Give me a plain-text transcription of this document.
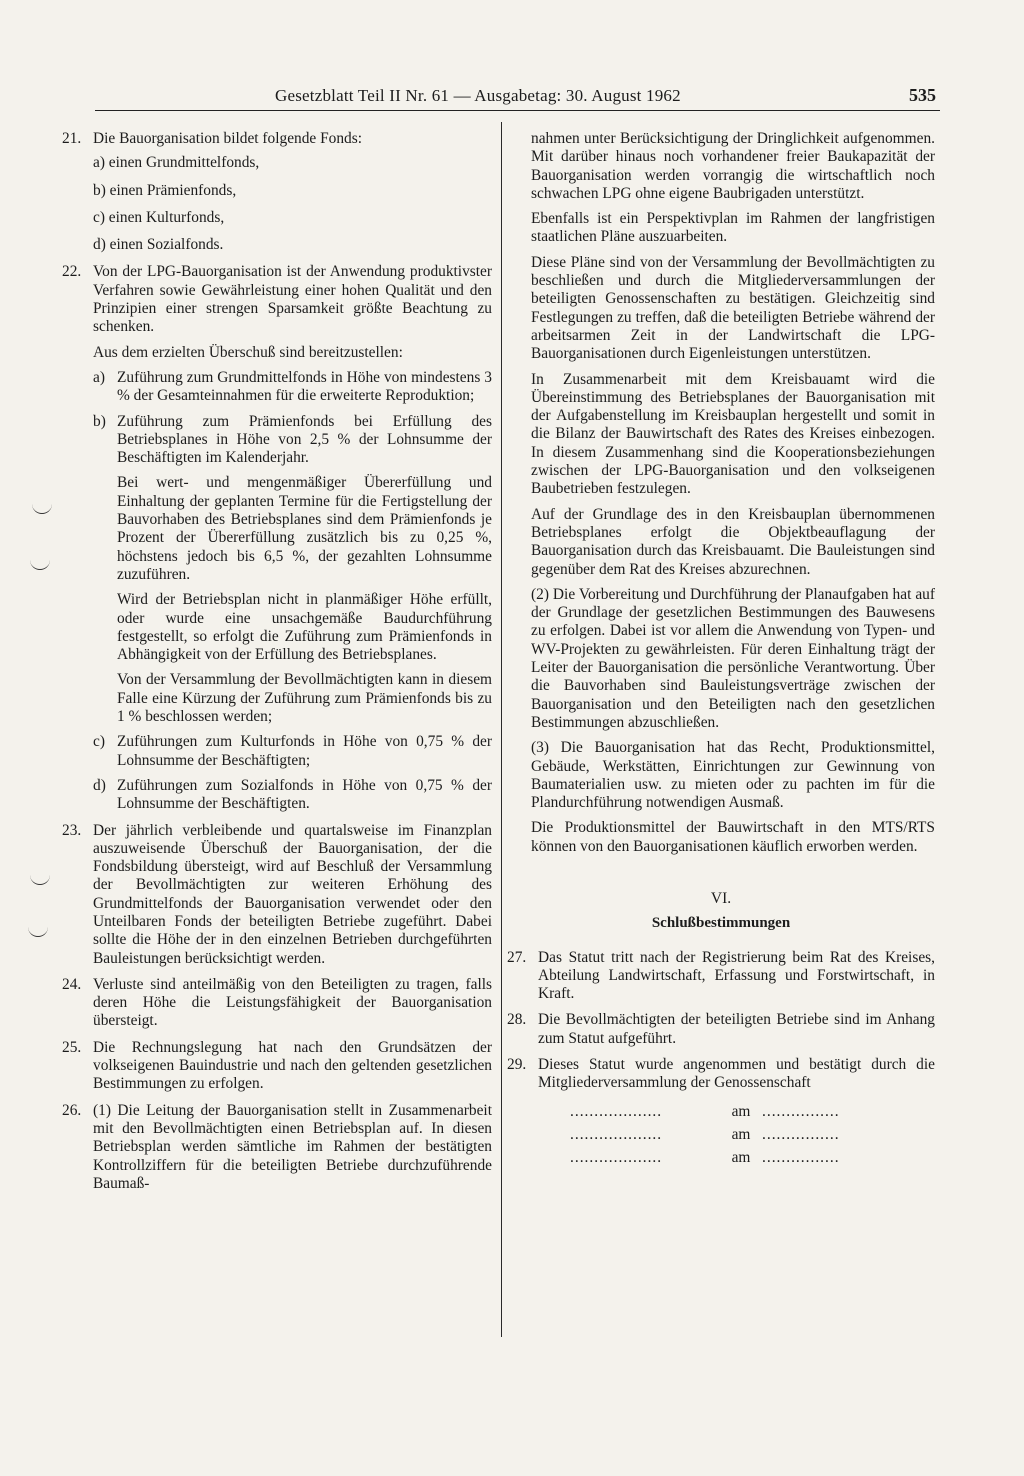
Gesetzblatt Teil II Nr. 61 — Ausgabetag: 30. August 1962	535
21. Die Bauorganisation bildet folgende Fonds:
a) einen Grundmittelfonds,
b) einen Prämienfonds,
c) einen Kulturfonds,
d) einen Sozialfonds.
22. Von der LPG-Bauorganisation ist der Anwendung produktivster Verfahren sowie Gewährleistung einer hohen Qualität und den Prinzipien einer strengen Sparsamkeit größte Beachtung zu schenken.

Aus dem erzielten Überschuß sind bereitzustellen:

a) Zuführung zum Grundmittelfonds in Höhe von mindestens 3 % der Gesamteinnahmen für die erweiterte Reproduktion;
b) Zuführung zum Prämienfonds bei Erfüllung des Betriebsplanes in Höhe von 2,5 % der Lohnsumme der Beschäftigten im Kalenderjahr.

Bei wert- und mengenmäßiger Übererfüllung und Einhaltung der geplanten Termine für die Fertigstellung der Bauvorhaben des Betriebsplanes sind dem Prämienfonds je Prozent der Übererfüllung zusätzlich bis zu 0,25 %, höchstens jedoch bis 6,5 %, der gezahlten Lohnsumme zuzuführen.

Wird der Betriebsplan nicht in planmäßiger Höhe erfüllt, oder wurde eine unsachgemäße Baudurchführung festgestellt, so erfolgt die Zuführung zum Prämienfonds in Abhängigkeit von der Erfüllung des Betriebsplanes.

Von der Versammlung der Bevollmächtigten kann in diesem Falle eine Kürzung der Zuführung zum Prämienfonds bis zu 1 % beschlossen werden;

c) Zuführungen zum Kulturfonds in Höhe von 0,75 % der Lohnsumme der Beschäftigten;
d) Zuführungen zum Sozialfonds in Höhe von 0,75 % der Lohnsumme der Beschäftigten.
23. Der jährlich verbleibende und quartalsweise im Finanzplan auszuweisende Überschuß der Bauorganisation, der die Fondsbildung übersteigt, wird auf Beschluß der Versammlung der Bevollmächtigten zur weiteren Erhöhung des Grundmittelfonds der Bauorganisation verwendet oder den Unteilbaren Fonds der beteiligten Betriebe zugeführt. Dabei sollte die Höhe der in den einzelnen Betrieben durchgeführten Bauleistungen berücksichtigt werden.
24. Verluste sind anteilmäßig von den Beteiligten zu tragen, falls deren Höhe die Leistungsfähigkeit der Bauorganisation übersteigt.
25. Die Rechnungslegung hat nach den Grundsätzen der volkseigenen Bauindustrie und nach den geltenden gesetzlichen Bestimmungen zu erfolgen.
26. (1) Die Leitung der Bauorganisation stellt in Zusammenarbeit mit den Bevollmächtigten einen Betriebsplan auf. In diesen Betriebsplan werden sämtliche im Rahmen der bestätigten Kontrollziffern für die beteiligten Betriebe durchzuführende Baumaß-

nahmen unter Berücksichtigung der Dringlichkeit aufgenommen. Mit darüber hinaus noch vorhandener freier Baukapazität der Bauorganisation werden vorrangig die wirtschaftlich noch schwachen LPG ohne eigene Baubrigaden unterstützt.

Ebenfalls ist ein Perspektivplan im Rahmen der langfristigen staatlichen Pläne auszuarbeiten.

Diese Pläne sind von der Versammlung der Bevollmächtigten zu beschließen und durch die Mitgliederversammlungen der beteiligten Genossenschaften zu bestätigen. Gleichzeitig sind Festlegungen zu treffen, daß die beteiligten Betriebe während der arbeitsarmen Zeit in der Landwirtschaft die LPG-Bauorganisationen durch Eigenleistungen unterstützen.

In Zusammenarbeit mit dem Kreisbauamt wird die Übereinstimmung des Betriebsplanes der Bauorganisation mit der Aufgabenstellung im Kreisbauplan hergestellt und somit in die Bilanz der Bauwirtschaft des Rates des Kreises einbezogen. In diesem Zusammenhang sind die Kooperationsbeziehungen zwischen der LPG-Bauorganisation und den volkseigenen Baubetrieben festzulegen.

Auf der Grundlage des in den Kreisbauplan übernommenen Betriebsplanes erfolgt die Objektbeauflagung der Bauorganisation durch das Kreisbauamt. Die Bauleistungen sind gegenüber dem Rat des Kreises abzurechnen.

(2) Die Vorbereitung und Durchführung der Planaufgaben hat auf der Grundlage der gesetzlichen Bestimmungen des Bauwesens zu erfolgen. Dabei ist vor allem die Anwendung von Typen- und WV-Projekten zu gewährleisten. Für deren Einhaltung trägt der Leiter der Bauorganisation die persönliche Verantwortung. Über die Bauvorhaben sind Bauleistungsverträge zwischen der Bauorganisation und den Beteiligten nach den gesetzlichen Bestimmungen abzuschließen.

(3) Die Bauorganisation hat das Recht, Produktionsmittel, Gebäude, Werkstätten, Einrichtungen zur Gewinnung von Baumaterialien usw. zu mieten oder zu pachten im für die Plandurchführung notwendigen Ausmaß.

Die Produktionsmittel der Bauwirtschaft in den MTS/RTS können von den Bauorganisationen käuflich erworben werden.

VI.
Schlußbestimmungen
27. Das Statut tritt nach der Registrierung beim Rat des Kreises, Abteilung Landwirtschaft, Erfassung und Forstwirtschaft, in Kraft.
28. Die Bevollmächtigten der beteiligten Betriebe sind im Anhang zum Statut aufgeführt.
29. Dieses Statut wurde angenommen und bestätigt durch die Mitgliederversammlung der Genossenschaft
...................	am ................
...................	am ................
...................	am ................
